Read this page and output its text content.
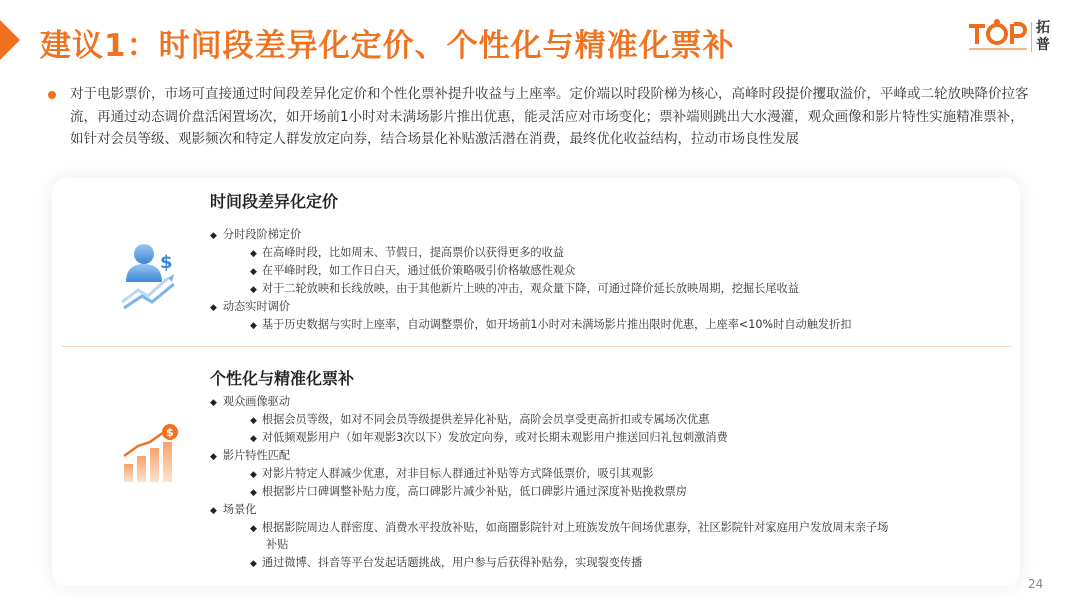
建议1：时间段差异化定价、个性化与精准化票补	拓普
对于电影票价，市场可直接通过时间段差异化定价和个性化票补提升收益与上座率。定价端以时段阶梯为核心，高峰时段提价攫取溢价，平峰或二轮放映降价拉客流，再通过动态调价盘活闲置场次，如开场前1小时对未满场影片推出优惠，能灵活应对市场变化；票补端则跳出大水漫灌，观众画像和影片特性实施精准票补，如针对会员等级、观影频次和特定人群发放定向券，结合场景化补贴激活潜在消费，最终优化收益结构，拉动市场良性发展
$
时间段差异化定价
◆ 分时段阶梯定价
◆ 在高峰时段，比如周末、节假日，提高票价以获得更多的收益
◆ 在平峰时段，如工作日白天，通过低价策略吸引价格敏感性观众
◆ 对于二轮放映和长线放映，由于其他新片上映的冲击，观众量下降，可通过降价延长放映周期，挖掘长尾收益
◆ 动态实时调价
◆ 基于历史数据与实时上座率，自动调整票价，如开场前1小时对未满场影片推出限时优惠，上座率<10%时自动触发折扣
$
个性化与精准化票补
◆ 观众画像驱动
◆ 根据会员等级，如对不同会员等级提供差异化补贴，高阶会员享受更高折扣或专属场次优惠
◆ 对低频观影用户（如年观影3次以下）发放定向券，或对长期未观影用户推送回归礼包刺激消费
◆ 影片特性匹配
◆ 对影片特定人群减少优惠，对非目标人群通过补贴等方式降低票价，吸引其观影
◆ 根据影片口碑调整补贴力度，高口碑影片减少补贴，低口碑影片通过深度补贴挽救票房
◆ 场景化
◆ 根据影院周边人群密度、消费水平投放补贴，如商圈影院针对上班族发放午间场优惠券，社区影院针对家庭用户发放周末亲子场
补贴
◆ 通过微博、抖音等平台发起话题挑战，用户参与后获得补贴券，实现裂变传播
24
